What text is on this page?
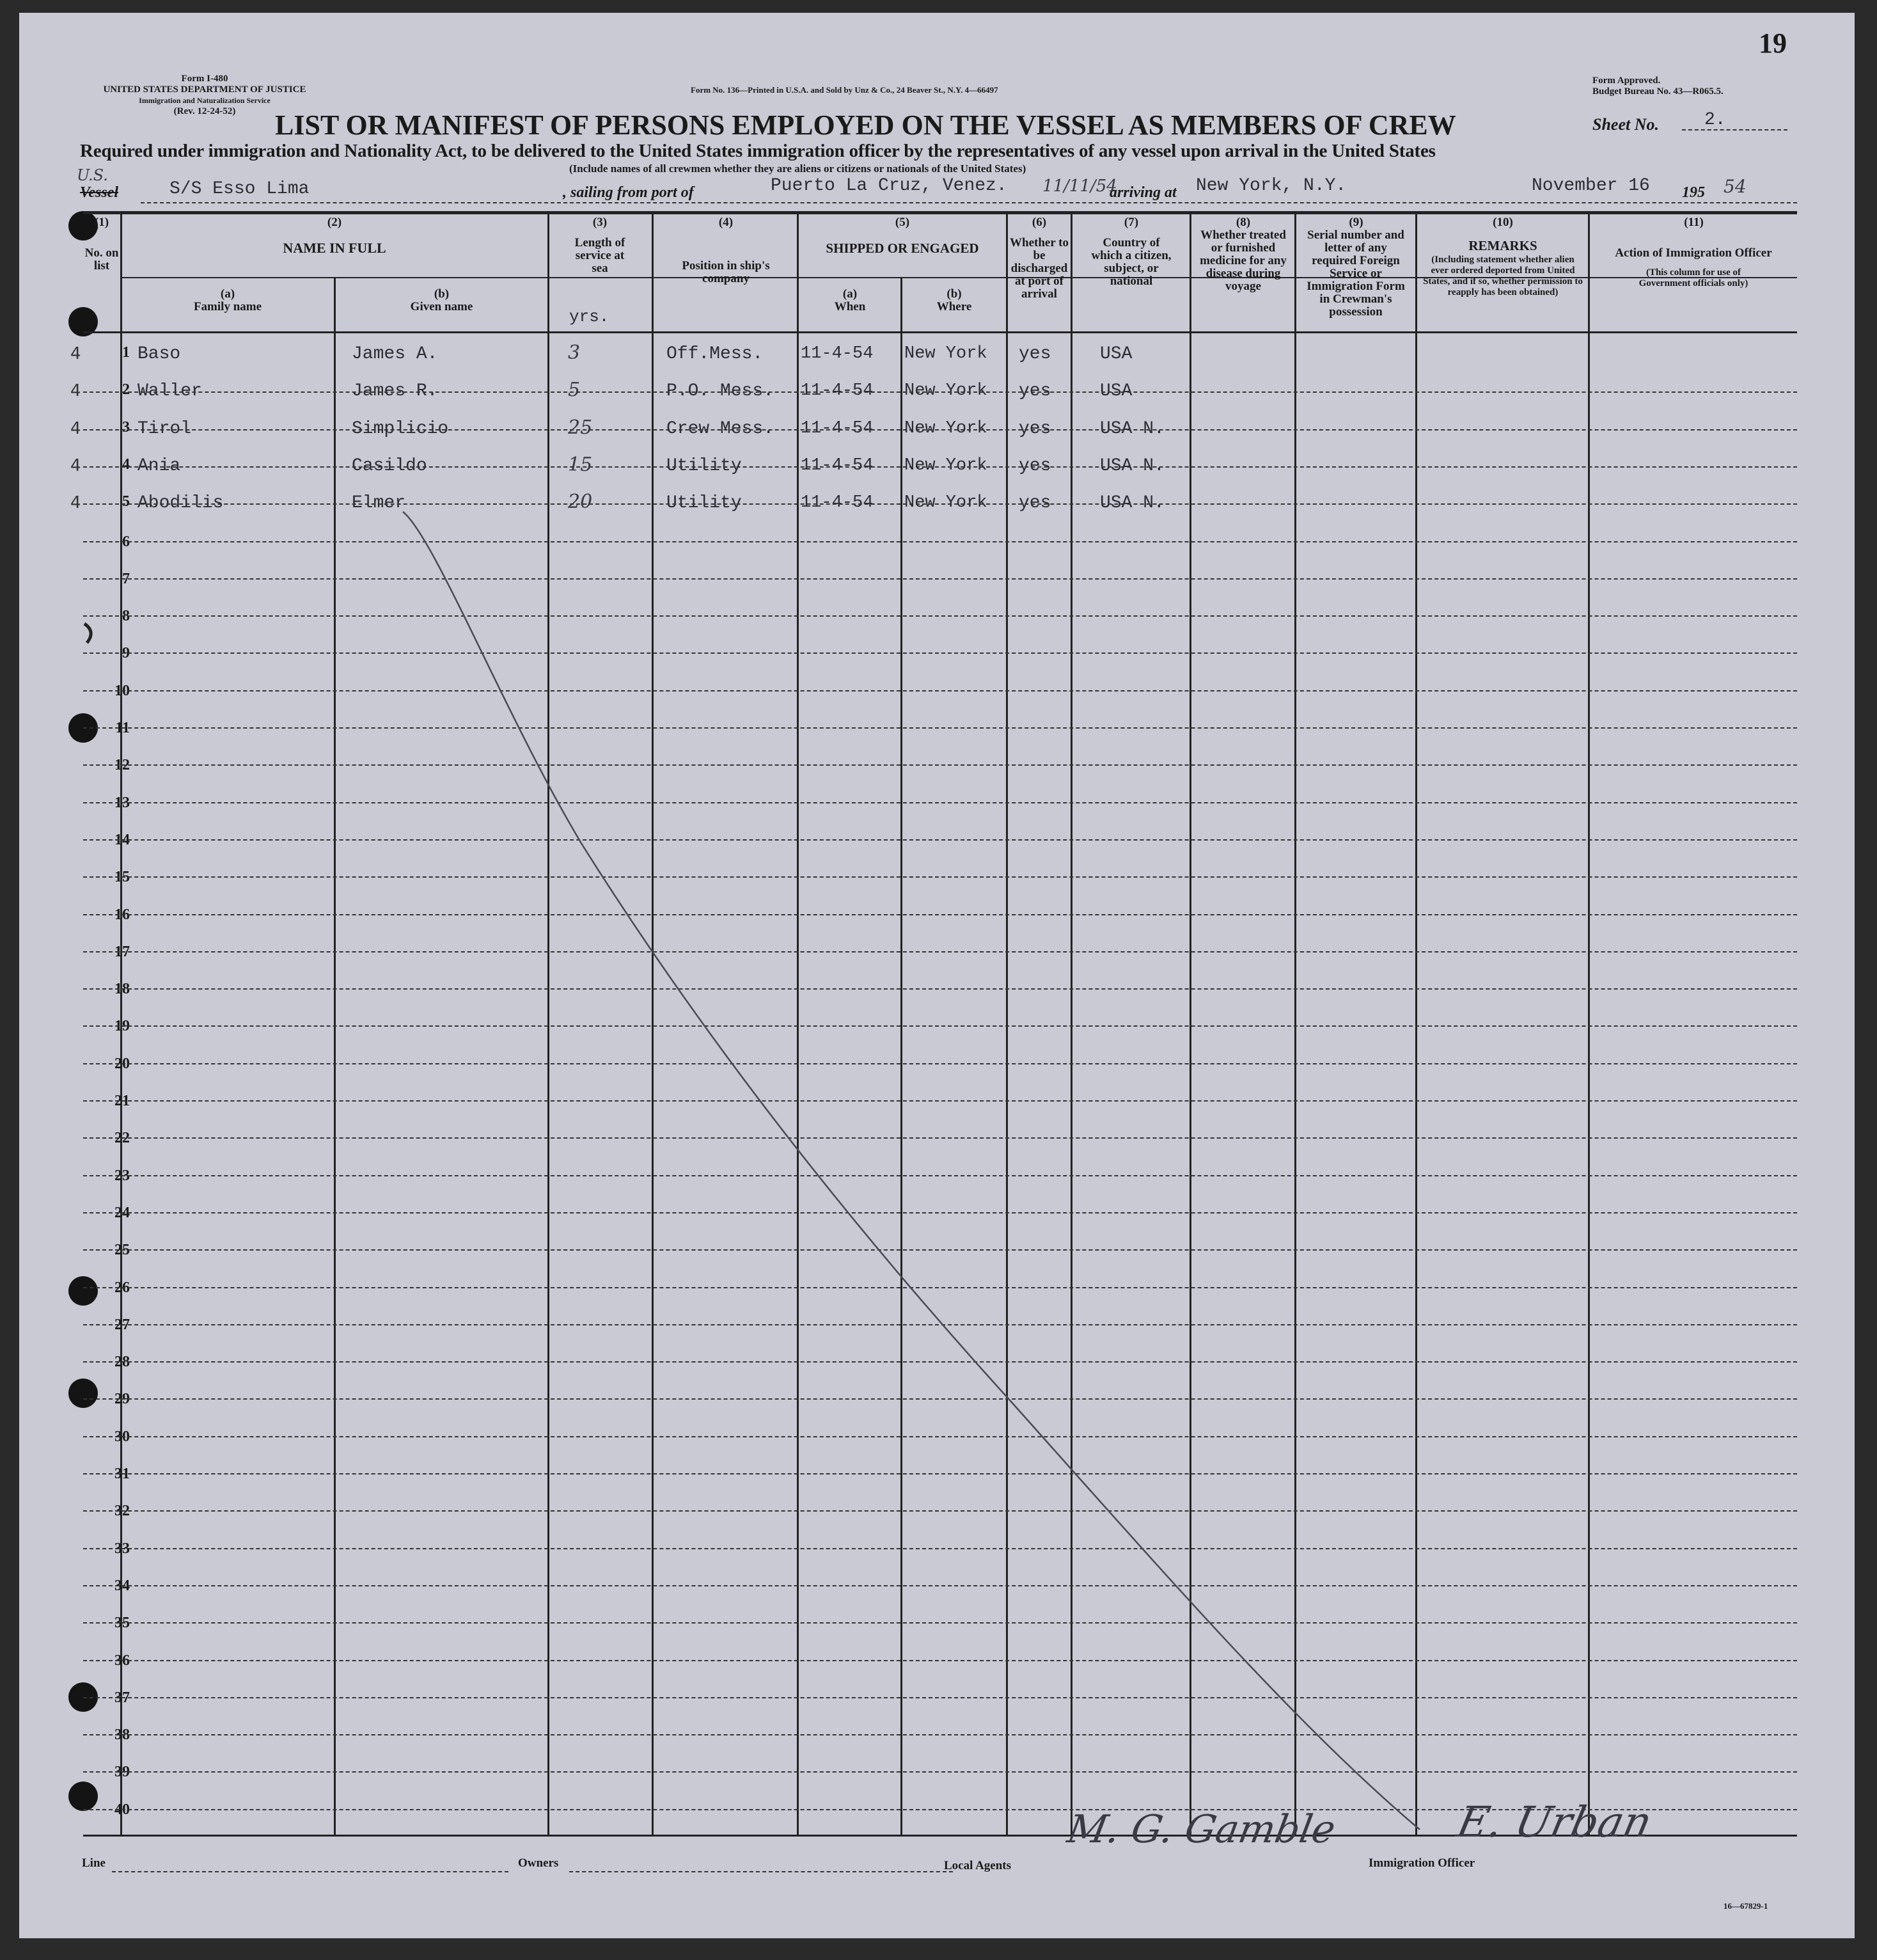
19
Form I-480
UNITED STATES DEPARTMENT OF JUSTICE
Immigration and Naturalization Service
(Rev. 12-24-52)
Form No. 136—Printed in U.S.A. and Sold by Unz & Co., 24 Beaver St., N.Y. 4—66497
Form Approved.
Budget Bureau No. 43—R065.5.
LIST OR MANIFEST OF PERSONS EMPLOYED ON THE VESSEL AS MEMBERS OF CREW	Sheet No.	2.
Required under immigration and Nationality Act, to be delivered to the United States immigration officer by the representatives of any vessel upon arrival in the United States
(Include names of all crewmen whether they are aliens or citizens or nationals of the United States)
U.S.
Vessel	S/S Esso Lima	, sailing from port of	Puerto La Cruz, Venez. 11/11/54
arriving at New York, N.Y.	November 16 195 54
(1)
No. on list
(2)
NAME IN FULL
(a)
Family name
(b)
Given name
(3)
Length of service at sea
yrs.
(4)
Position in ship's company
(5)
SHIPPED OR ENGAGED
(a)
When
(b)
Where
(6)
Whether to be discharged at port of arrival
(7)
Country of which a citizen, subject, or national
(8)
Whether treated or furnished medicine for any disease during voyage
(9)
Serial number and letter of any required Foreign Service or Immigration Form in Crewman's possession
(10)
REMARKS
(Including statement whether alien ever ordered deported from United States, and if so, whether permission to reapply has been obtained)
(11)
Action of Immigration Officer
(This column for use of Government officials only)
4	1 Baso	James A.	3	Off.Mess. 11-4-54 New York yes	USA
4	2 Waller	James R.	5	P.O. Mess. 11-4-54 New York yes	USA
4	3 Tirol	Simplicio	25	Crew Mess. 11-4-54 New York yes	USA N.
4	4 Ania	Casildo	15	Utility	11-4-54 New York yes	USA N.
4	5 Abodilis	Elmer	20	Utility	11-4-54 New York yes	USA N.
6
7
8
9
10
11
12
13
14
15
16
17
18
19
20
21
22
23
24
25
26
27
28
29
30
31
32
33
34
35
36
37
38
39
40
Line	Owners	Local Agents
M. G. Gamble
Immigration Officer
E. Urban
16—67829-1
